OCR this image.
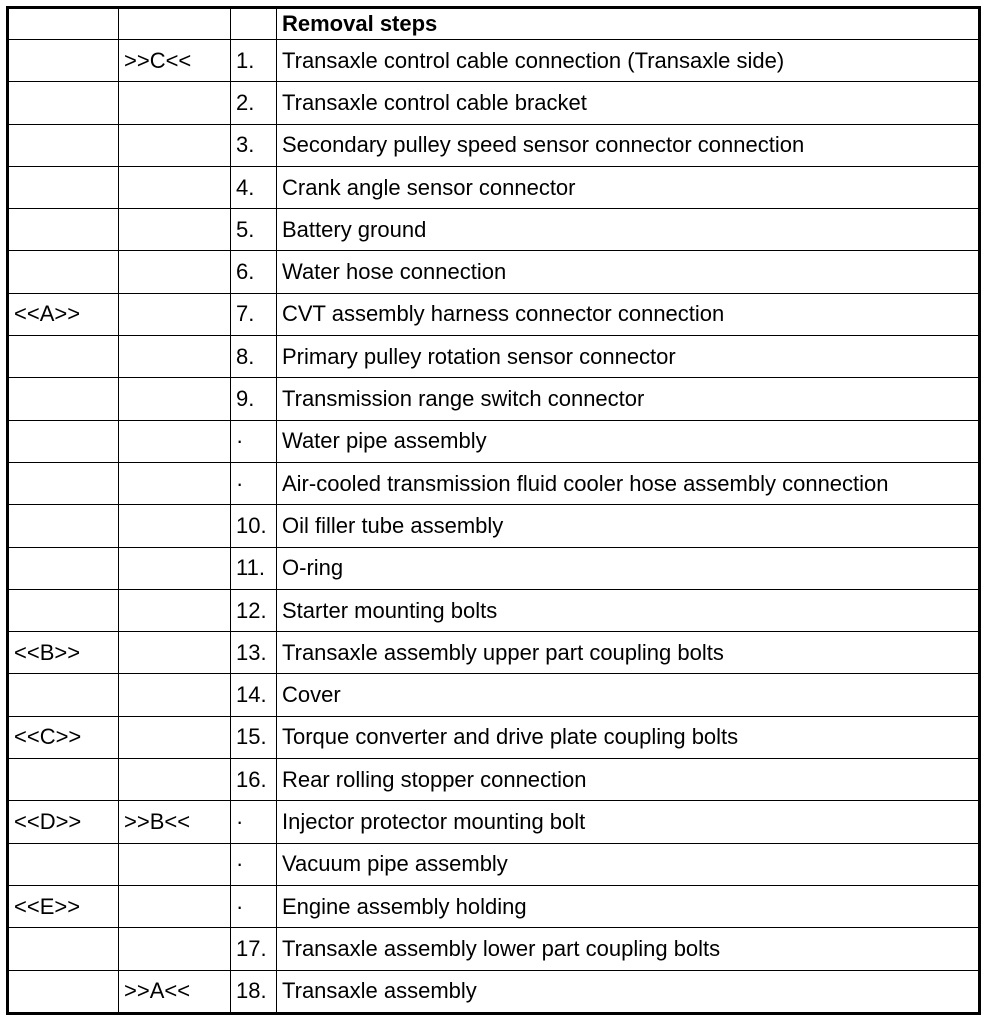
			Removal steps
	>>C<<	1.	Transaxle control cable connection (Transaxle side)
		2.	Transaxle control cable bracket
		3.	Secondary pulley speed sensor connector connection
		4.	Crank angle sensor connector
		5.	Battery ground
		6.	Water hose connection
<<A>>		7.	CVT assembly harness connector connection
		8.	Primary pulley rotation sensor connector
		9.	Transmission range switch connector
		·	Water pipe assembly
		·	Air-cooled transmission fluid cooler hose assembly connection
		10.	Oil filler tube assembly
		11.	O-ring
		12.	Starter mounting bolts
<<B>>		13.	Transaxle assembly upper part coupling bolts
		14.	Cover
<<C>>		15.	Torque converter and drive plate coupling bolts
		16.	Rear rolling stopper connection
<<D>>	>>B<<	·	Injector protector mounting bolt
		·	Vacuum pipe assembly
<<E>>		·	Engine assembly holding
		17.	Transaxle assembly lower part coupling bolts
	>>A<<	18.	Transaxle assembly
